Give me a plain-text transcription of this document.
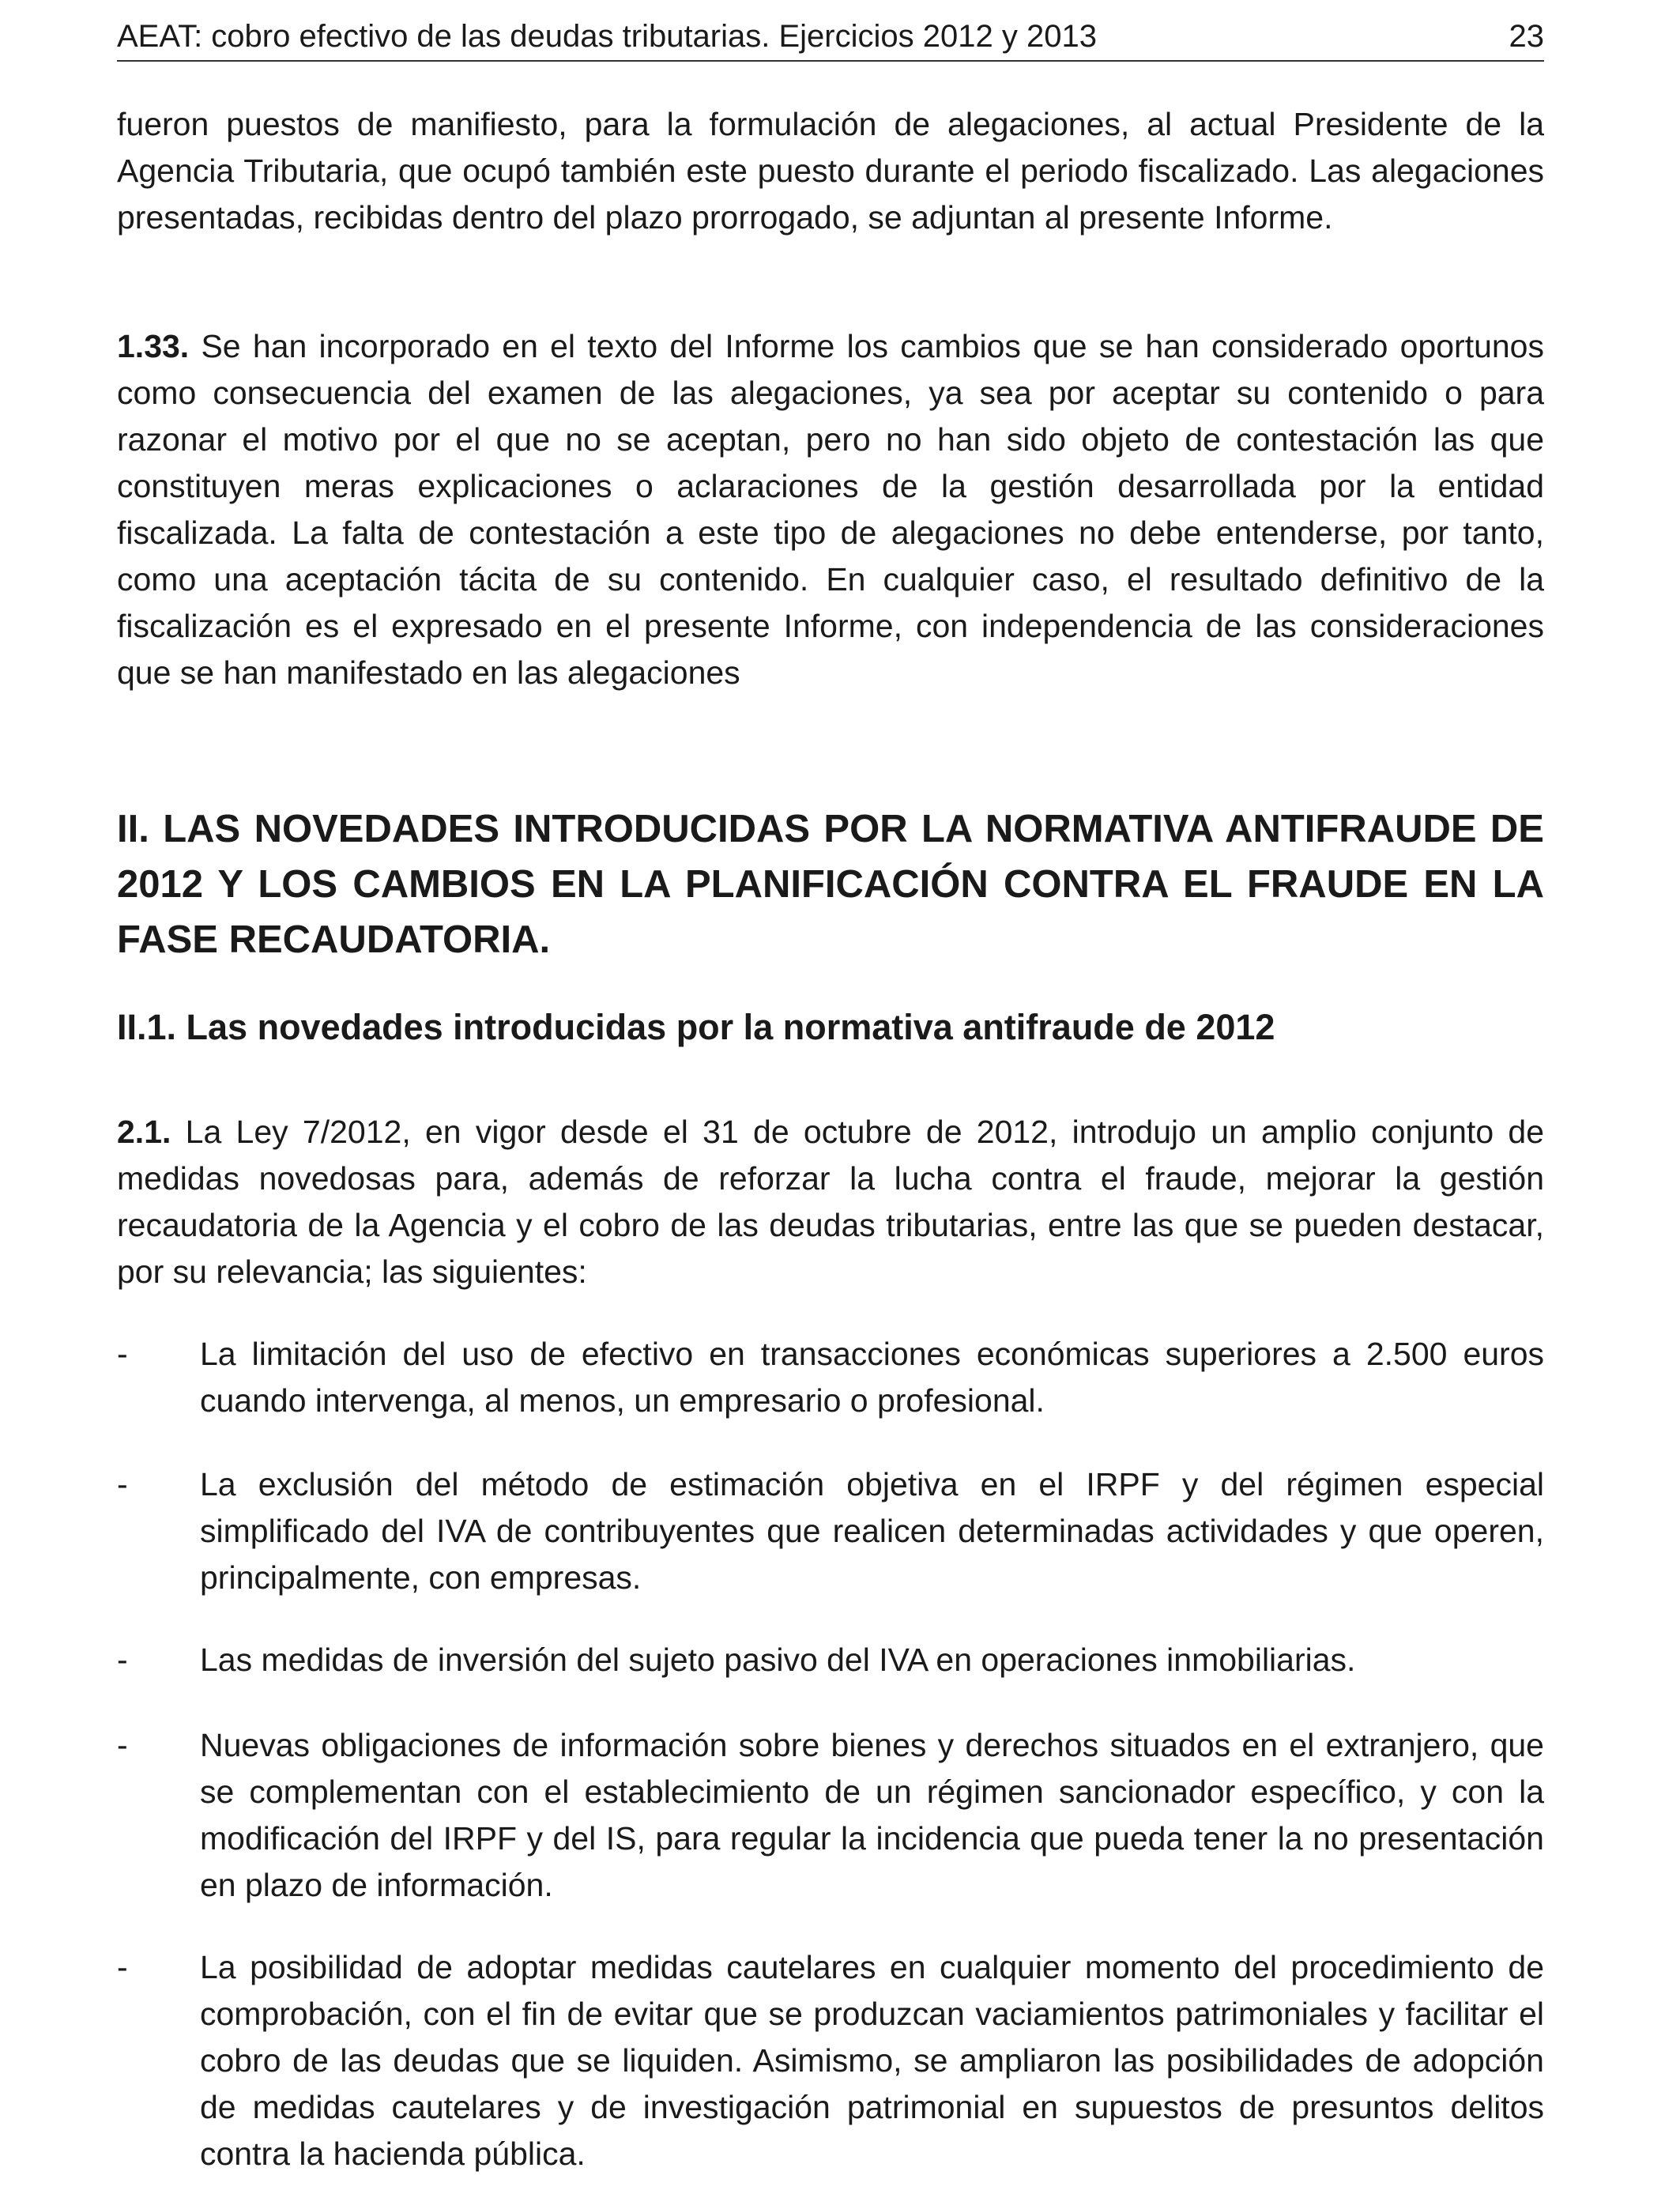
AEAT: cobro efectivo de las deudas tributarias. Ejercicios 2012 y 2013	23

fueron puestos de manifiesto, para la formulación de alegaciones, al actual Presidente de la Agencia Tributaria, que ocupó también este puesto durante el periodo fiscalizado. Las alegaciones presentadas, recibidas dentro del plazo prorrogado, se adjuntan al presente Informe.

1.33. Se han incorporado en el texto del Informe los cambios que se han considerado oportunos como consecuencia del examen de las alegaciones, ya sea por aceptar su contenido o para razonar el motivo por el que no se aceptan, pero no han sido objeto de contestación las que constituyen meras explicaciones o aclaraciones de la gestión desarrollada por la entidad fiscalizada. La falta de contestación a este tipo de alegaciones no debe entenderse, por tanto, como una aceptación tácita de su contenido. En cualquier caso, el resultado definitivo de la fiscalización es el expresado en el presente Informe, con independencia de las consideraciones que se han manifestado en las alegaciones

II. LAS NOVEDADES INTRODUCIDAS POR LA NORMATIVA ANTIFRAUDE DE 2012 Y LOS CAMBIOS EN LA PLANIFICACIÓN CONTRA EL FRAUDE EN LA FASE RECAUDATORIA.
II.1. Las novedades introducidas por la normativa antifraude de 2012

2.1. La Ley 7/2012, en vigor desde el 31 de octubre de 2012, introdujo un amplio conjunto de medidas novedosas para, además de reforzar la lucha contra el fraude, mejorar la gestión recaudatoria de la Agencia y el cobro de las deudas tributarias, entre las que se pueden destacar, por su relevancia; las siguientes:

- La limitación del uso de efectivo en transacciones económicas superiores a 2.500 euros cuando intervenga, al menos, un empresario o profesional.

- La exclusión del método de estimación objetiva en el IRPF y del régimen especial simplificado del IVA de contribuyentes que realicen determinadas actividades y que operen, principalmente, con empresas.

- Las medidas de inversión del sujeto pasivo del IVA en operaciones inmobiliarias.

- Nuevas obligaciones de información sobre bienes y derechos situados en el extranjero, que se complementan con el establecimiento de un régimen sancionador específico, y con la modificación del IRPF y del IS, para regular la incidencia que pueda tener la no presentación en plazo de información.

- La posibilidad de adoptar medidas cautelares en cualquier momento del procedimiento de comprobación, con el fin de evitar que se produzcan vaciamientos patrimoniales y facilitar el cobro de las deudas que se liquiden. Asimismo, se ampliaron las posibilidades de adopción de medidas cautelares y de investigación patrimonial en supuestos de presuntos delitos contra la hacienda pública.
